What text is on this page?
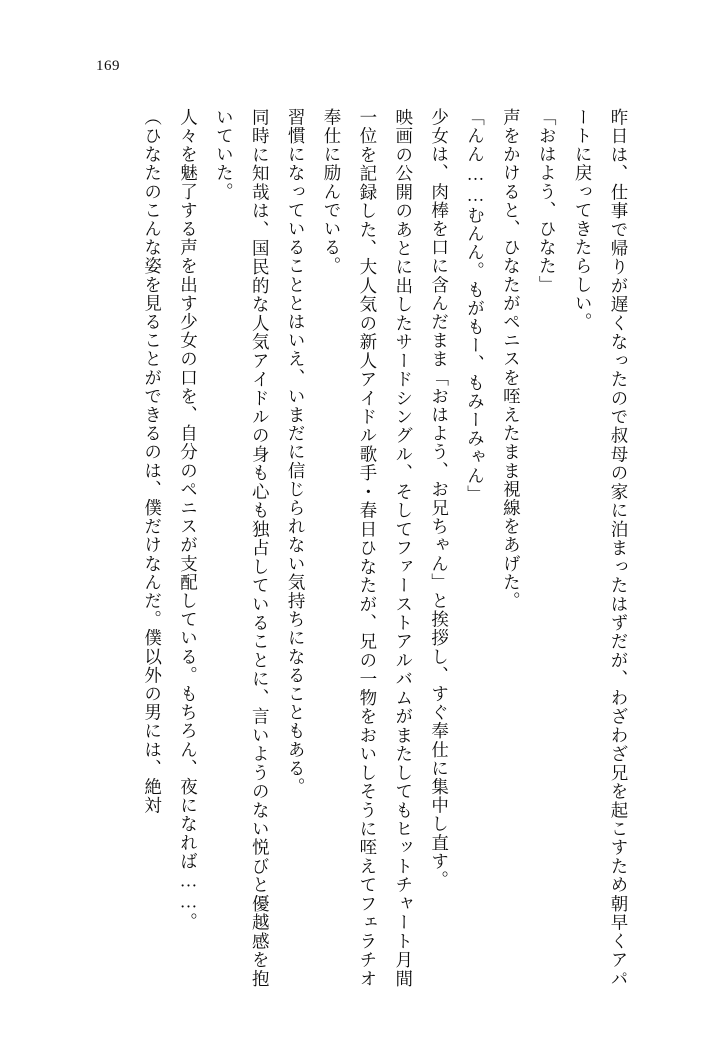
169

昨日は、仕事で帰りが遅くなったので叔母の家に泊まったはずだが、わざわざ兄を起こすため朝早くアパートに戻ってきたらしい。

「おはよう、ひなた」

声をかけると、ひなたがペニスを咥えたまま視線をあげた。

「んん……むんん。もがもー、もみーみゃん」

少女は、肉棒を口に含んだまま「おはよう、お兄ちゃん」と挨拶し、すぐ奉仕に集中し直す。

映画の公開のあとに出したサードシングル、そしてファーストアルバムがまたしてもヒットチャート月間一位を記録した、大人気の新人アイドル歌手・春日ひなたが、兄の一物をおいしそうに咥えてフェラチオ奉仕に励んでいる。

習慣になっていることとはいえ、いまだに信じられない気持ちになることもある。

同時に知哉は、国民的な人気アイドルの身も心も独占していることに、言いようのない悦びと優越感を抱いていた。

人々を魅了する声を出す少女の口を、自分のペニスが支配している。もちろん、夜になれば……。

（ひなたのこんな姿を見ることができるのは、僕だけなんだ。僕以外の男には、絶対
